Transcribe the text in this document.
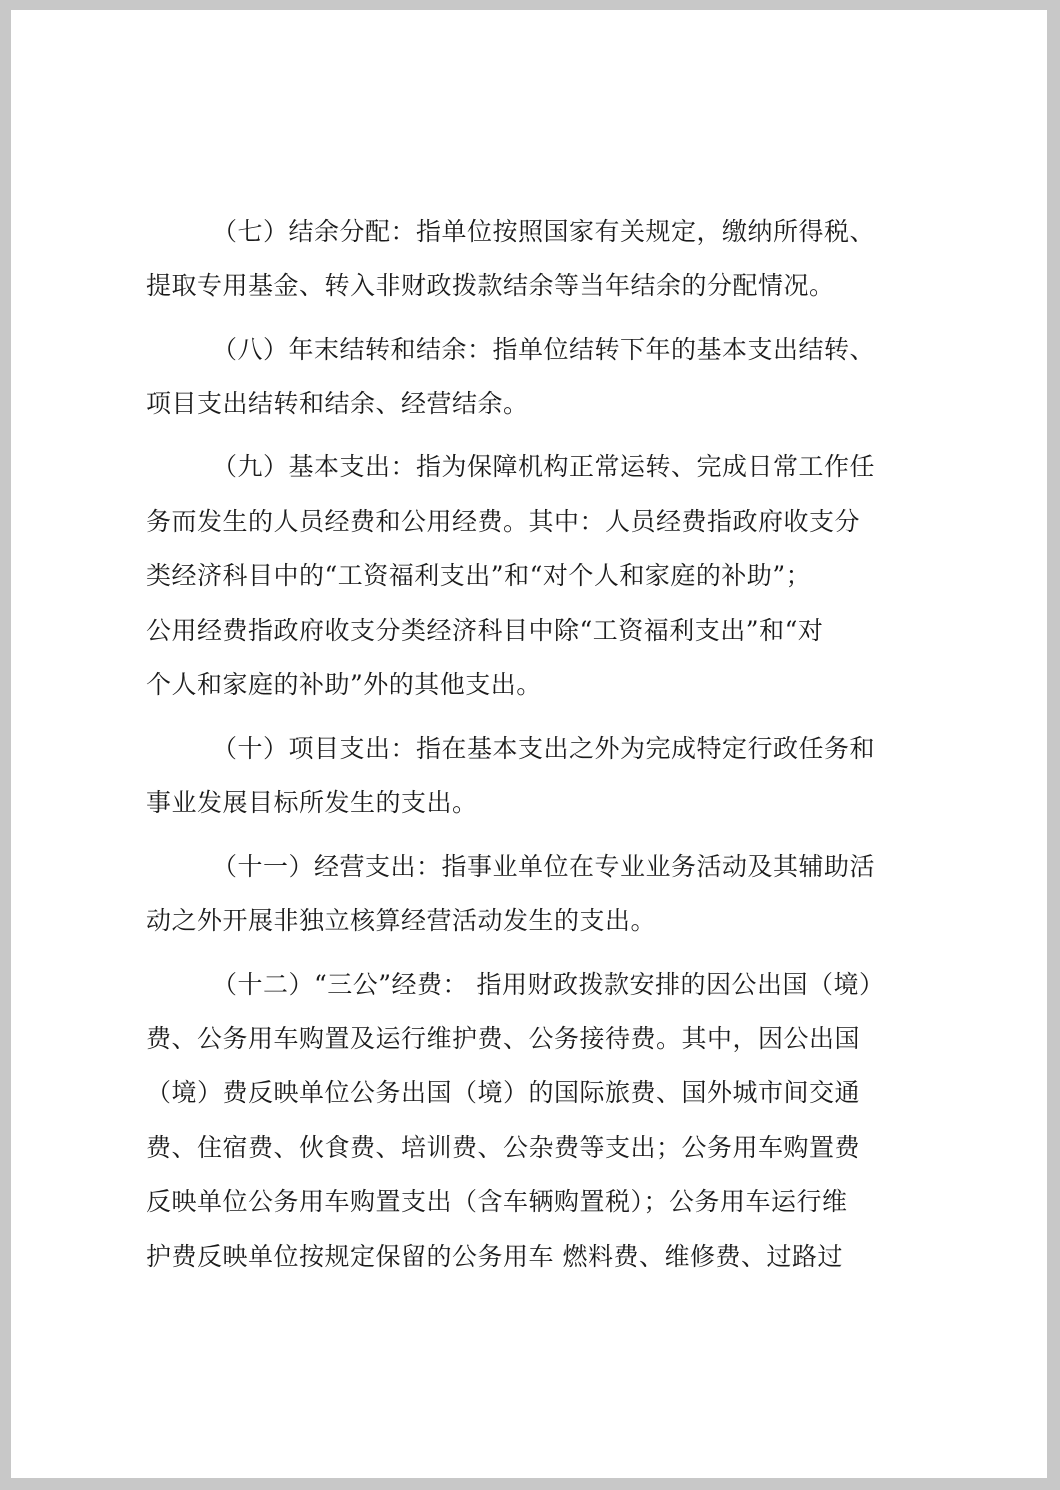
（七）结余分配：指单位按照国家有关规定，缴纳所得税、
提取专用基金、转入非财政拨款结余等当年结余的分配情况。
（八）年末结转和结余：指单位结转下年的基本支出结转、
项目支出结转和结余、经营结余。
（九）基本支出：指为保障机构正常运转、完成日常工作任
务而发生的人员经费和公用经费。其中：人员经费指政府收支分
类经济科目中的“工资福利支出”和“对个人和家庭的补助”；
公用经费指政府收支分类经济科目中除“工资福利支出”和“对
个人和家庭的补助”外的其他支出。
（十）项目支出：指在基本支出之外为完成特定行政任务和
事业发展目标所发生的支出。
（十一）经营支出：指事业单位在专业业务活动及其辅助活
动之外开展非独立核算经营活动发生的支出。
（十二）“三公”经费： 指用财政拨款安排的因公出国（境）
费、公务用车购置及运行维护费、公务接待费。其中，因公出国
（境）费反映单位公务出国（境）的国际旅费、国外城市间交通
费、住宿费、伙食费、培训费、公杂费等支出；公务用车购置费
反映单位公务用车购置支出（含车辆购置税）；公务用车运行维
护费反映单位按规定保留的公务用车 燃料费、维修费、过路过
